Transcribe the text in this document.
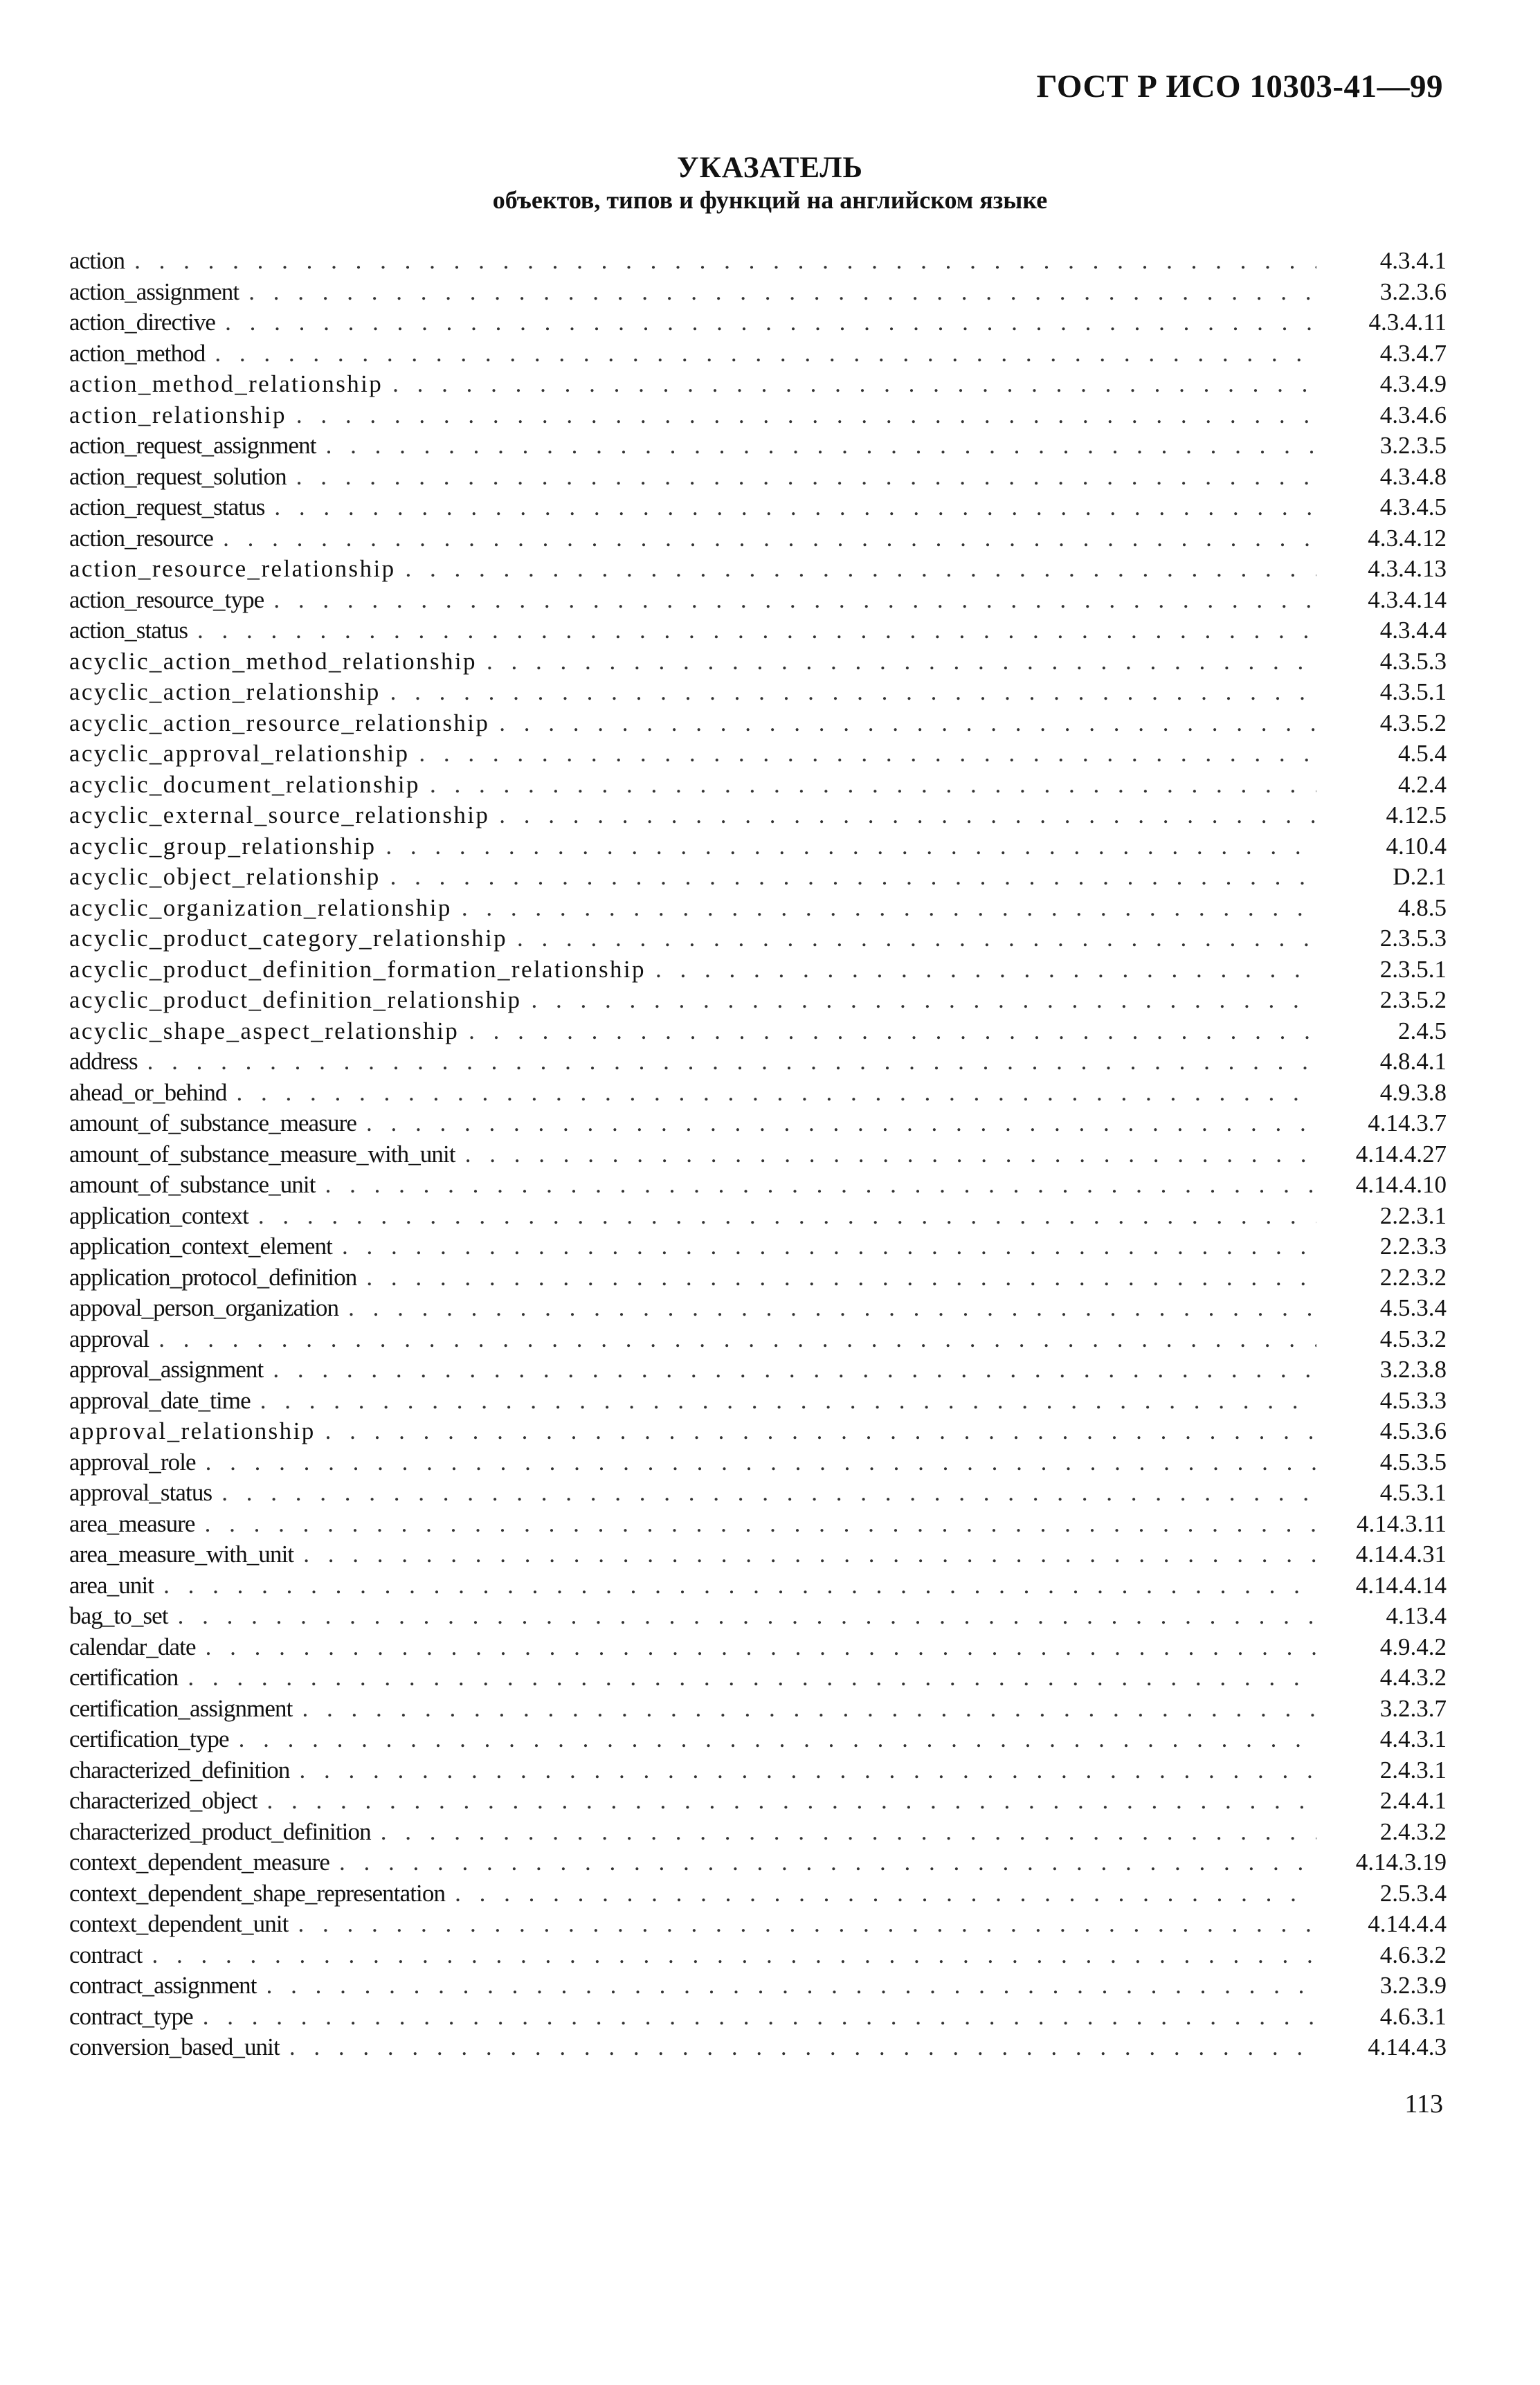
ГОСТ Р ИСО 10303-41—99
УКАЗАТЕЛЬ
объектов, типов и функций на английском языке
action . . .	4.3.4.1
action_assignment . . .	3.2.3.6
action_directive . . .	4.3.4.11
action_method . . .	4.3.4.7
action_method_relationship . . .	4.3.4.9
action_relationship . . .	4.3.4.6
action_request_assignment . . .	3.2.3.5
action_request_solution . . .	4.3.4.8
action_request_status . . .	4.3.4.5
action_resource . . .	4.3.4.12
action_resource_relationship . . .	4.3.4.13
action_resource_type . . .	4.3.4.14
action_status . . .	4.3.4.4
acyclic_action_method_relationship . . .	4.3.5.3
acyclic_action_relationship . . .	4.3.5.1
acyclic_action_resource_relationship . . .	4.3.5.2
acyclic_approval_relationship . . .	4.5.4
acyclic_document_relationship . . .	4.2.4
acyclic_external_source_relationship . . .	4.12.5
acyclic_group_relationship . . .	4.10.4
acyclic_object_relationship . . .	D.2.1
acyclic_organization_relationship . . .	4.8.5
acyclic_product_category_relationship . . .	2.3.5.3
acyclic_product_definition_formation_relationship . . .	2.3.5.1
acyclic_product_definition_relationship . . .	2.3.5.2
acyclic_shape_aspect_relationship . . .	2.4.5
address . . .	4.8.4.1
ahead_or_behind . . .	4.9.3.8
amount_of_substance_measure . . .	4.14.3.7
amount_of_substance_measure_with_unit . . .	4.14.4.27
amount_of_substance_unit . . .	4.14.4.10
application_context . . .	2.2.3.1
application_context_element . . .	2.2.3.3
application_protocol_definition . . .	2.2.3.2
appoval_person_organization . . .	4.5.3.4
approval . . .	4.5.3.2
approval_assignment . . .	3.2.3.8
approval_date_time . . .	4.5.3.3
approval_relationship . . .	4.5.3.6
approval_role . . .	4.5.3.5
approval_status . . .	4.5.3.1
area_measure . . .	4.14.3.11
area_measure_with_unit . . .	4.14.4.31
area_unit . . .	4.14.4.14
bag_to_set . . .	4.13.4
calendar_date . . .	4.9.4.2
certification . . .	4.4.3.2
certification_assignment . . .	3.2.3.7
certification_type . . .	4.4.3.1
characterized_definition . . .	2.4.3.1
characterized_object . . .	2.4.4.1
characterized_product_definition . . .	2.4.3.2
context_dependent_measure . . .	4.14.3.19
context_dependent_shape_representation . . .	2.5.3.4
context_dependent_unit . . .	4.14.4.4
contract . . .	4.6.3.2
contract_assignment . . .	3.2.3.9
contract_type . . .	4.6.3.1
conversion_based_unit . . .	4.14.4.3
113
